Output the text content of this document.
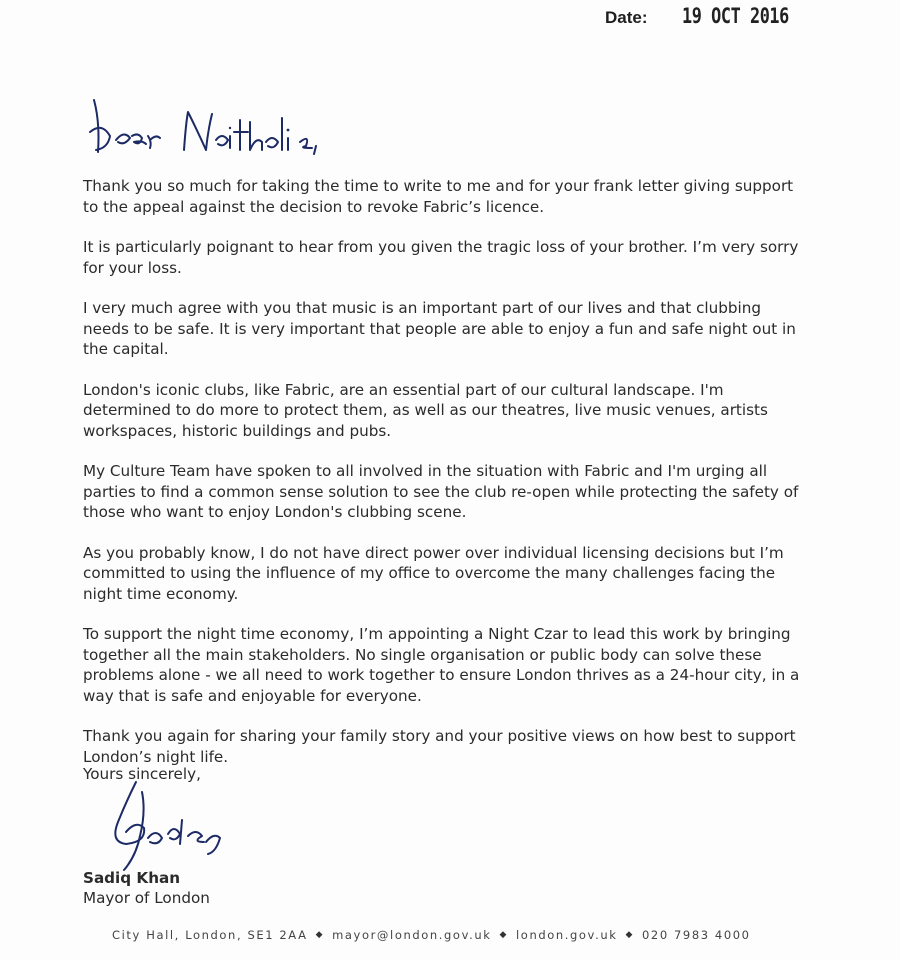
Date: 19 OCT 2016

Thank you so much for taking the time to write to me and for your frank letter giving support to the appeal against the decision to revoke Fabric’s licence.

It is particularly poignant to hear from you given the tragic loss of your brother. I’m very sorry for your loss.

I very much agree with you that music is an important part of our lives and that clubbing needs to be safe. It is very important that people are able to enjoy a fun and safe night out in the capital.

London's iconic clubs, like Fabric, are an essential part of our cultural landscape. I'm determined to do more to protect them, as well as our theatres, live music venues, artists workspaces, historic buildings and pubs.

My Culture Team have spoken to all involved in the situation with Fabric and I'm urging all parties to find a common sense solution to see the club re-open while protecting the safety of those who want to enjoy London's clubbing scene.

As you probably know, I do not have direct power over individual licensing decisions but I’m committed to using the influence of my office to overcome the many challenges facing the night time economy.

To support the night time economy, I’m appointing a Night Czar to lead this work by bringing together all the main stakeholders. No single organisation or public body can solve these problems alone - we all need to work together to ensure London thrives as a 24-hour city, in a way that is safe and enjoyable for everyone.

Thank you again for sharing your family story and your positive views on how best to support London’s night life.

Yours sincerely,
Sadiq Khan
Mayor of London
City Hall, London, SE1 2AA ◆ mayor@london.gov.uk ◆ london.gov.uk ◆ 020 7983 4000
